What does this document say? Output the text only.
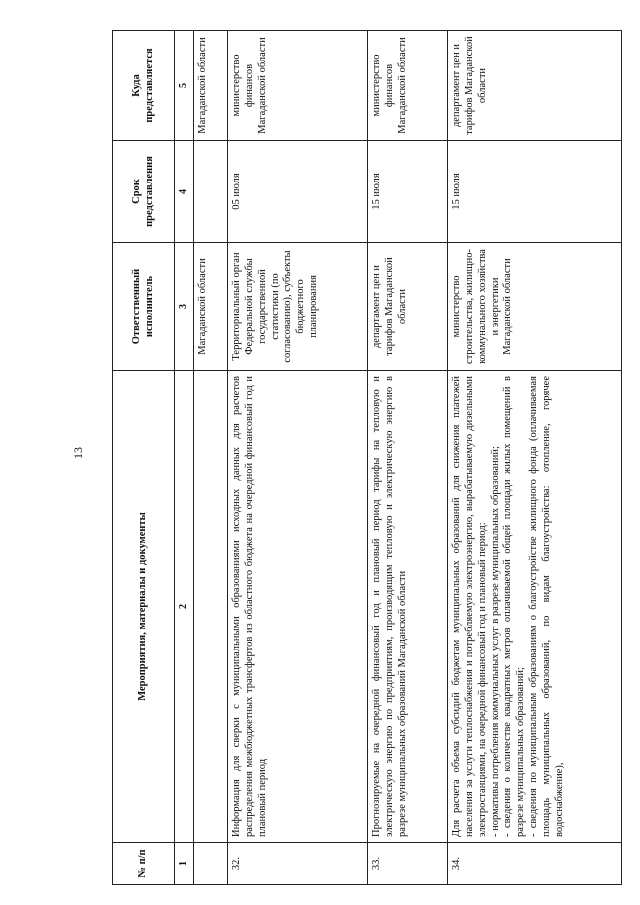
13
№ п/п	Мероприятия, материалы и документы	Ответственный исполнитель	Срок представления	Куда представляется
1	2	3	4	5
		Магаданской области		Магаданской области
32.	Информация для сверки с муниципальными образованиями исходных данных для расчетов распределения межбюджетных трансфертов из областного бюджета на очередной финансовый год и плановый период	Территориальный орган Федеральной службы государственной статистики (по согласованию), субъекты бюджетного планирования	05 июля	министерство финансов Магаданской области
33.	Прогнозируемые на очередной финансовый год и плановый период тарифы на тепловую и электрическую энергию по предприятиям, производящим тепловую и электрическую энергию в разрезе муниципальных образований Магаданской области	департамент цен и тарифов Магаданской области	15 июля	министерство финансов Магаданской области
34.	Для расчета объема субсидий бюджетам муниципальных образований для снижения платежей населения за услуги теплоснабжения и потребляемую электроэнергию, вырабатываемую дизельными электростанциями, на очередной финансовый год и плановый период: - нормативы потребления коммунальных услуг в разрезе муниципальных образований; - сведения о количестве квадратных метров оплачиваемой общей площади жилых помещений в разрезе муниципальных образований; - сведения по муниципальным образованиям о благоустройстве жилищного фонда (оплачиваемая площадь муниципальных образований, по видам благоустройства: отопление, горячее водоснабжение),	министерство строительства, жилищно-коммунального хозяйства и энергетики Магаданской области	15 июля	департамент цен и тарифов Магаданской области
